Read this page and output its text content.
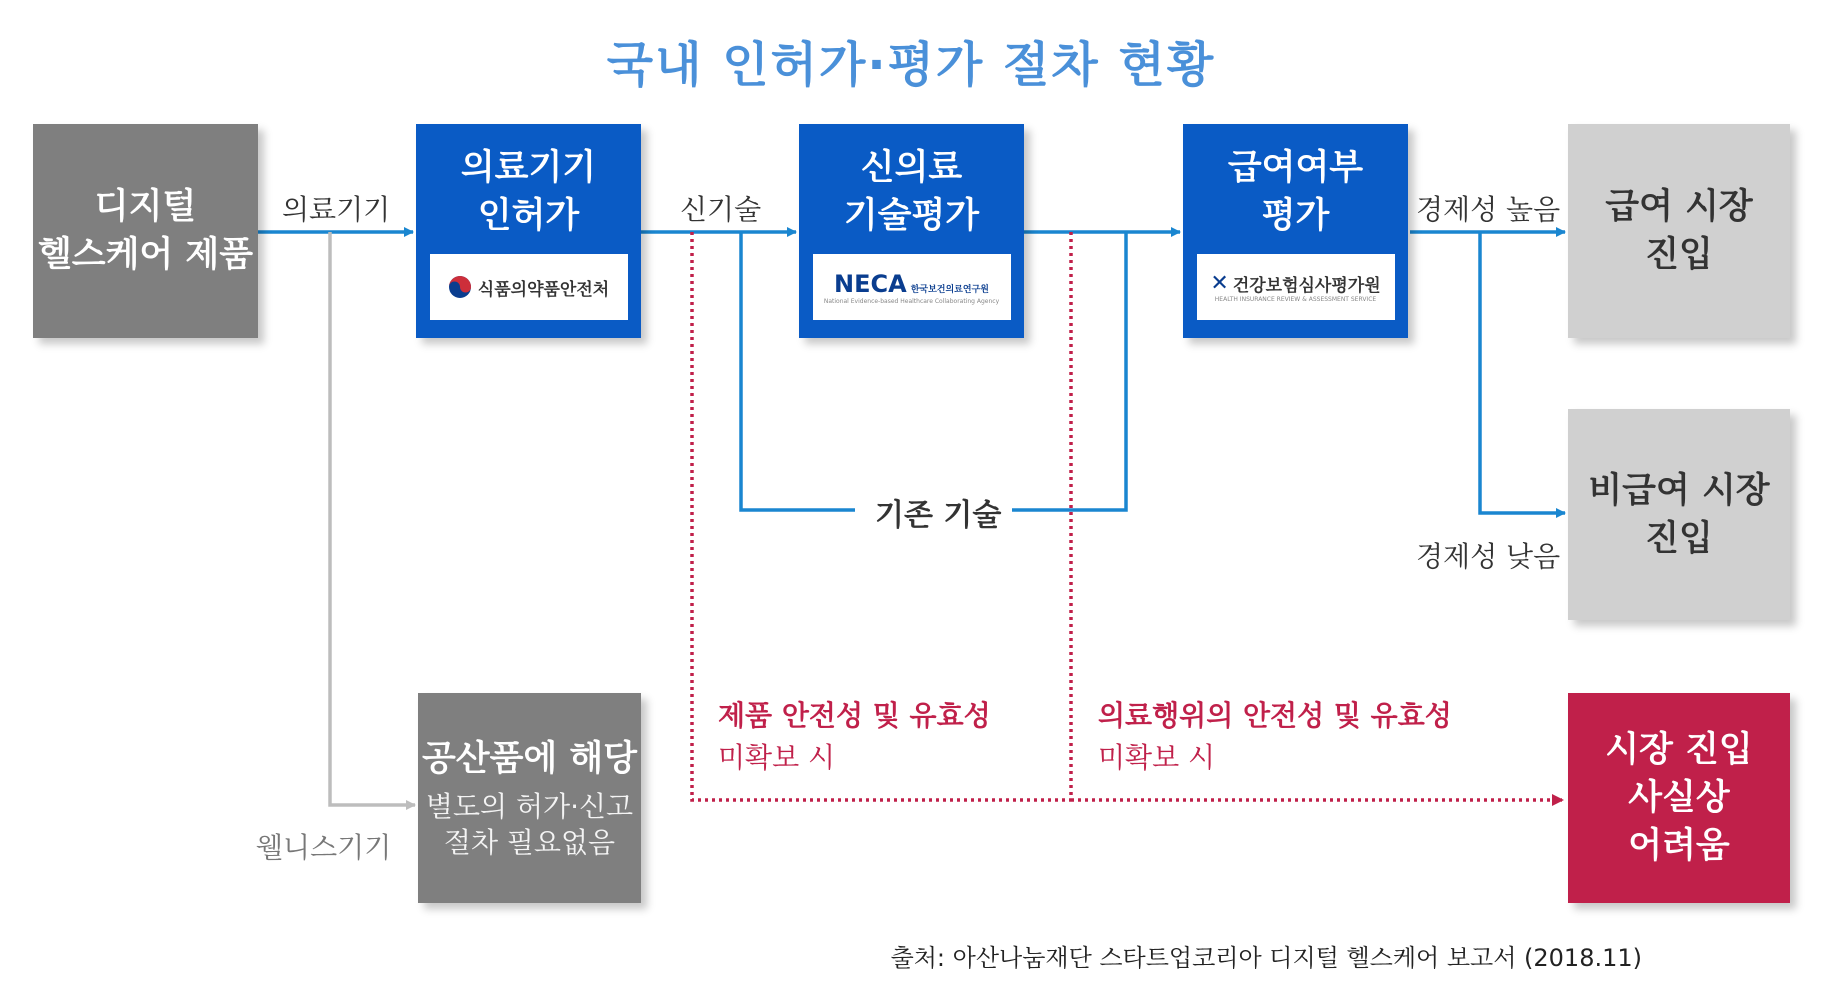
국내 인허가·평가 절차 현황
디지털
헬스케어 제품
의료기기
인허가
식품의약품안전처
신의료
기술평가
NECA 한국보건의료연구원
National Evidence-based Healthcare Collaborating Agency
급여여부
평가
✕ 건강보험심사평가원
HEALTH INSURANCE REVIEW & ASSESSMENT SERVICE
급여 시장
진입
비급여 시장
진입
공산품에 해당
별도의 허가·신고
절차 필요없음
시장 진입
사실상
어려움
의료기기	신기술
기존 기술
경제성 높음
경제성 낮음
웰니스기기
제품 안전성 및 유효성
미확보 시
의료행위의 안전성 및 유효성
미확보 시
출처: 아산나눔재단 스타트업코리아 디지털 헬스케어 보고서 (2018.11)
